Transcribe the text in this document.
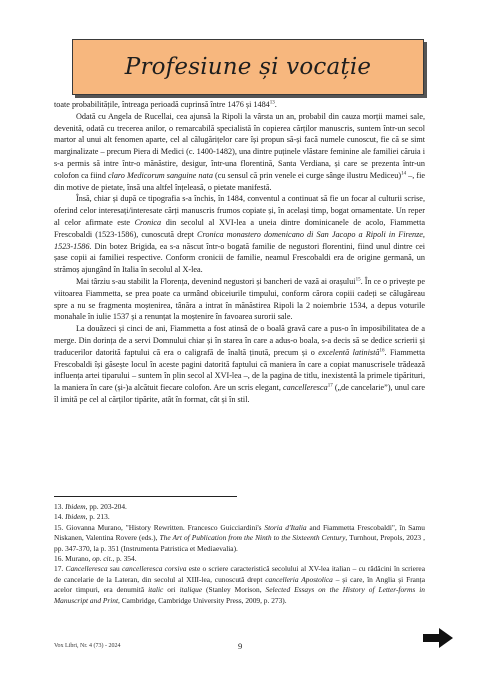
Profesiune și vocație

toate probabilitățile, întreaga perioadă cuprinsă între 1476 și 1484$^{13}$.

Odată cu Angela de Rucellai, cea ajunsă la Ripoli la vârsta un an, probabil din cauza morții mamei sale, devenită, odată cu trecerea anilor, o remarcabilă specialistă în copierea cărților manuscris, suntem într-un secol martor al unui alt fenomen aparte, cel al călugărițelor care își propun să-și facă numele cunoscut, fie că se simt marginalizate – precum Piera di Medici (c. 1400-1482), una dintre puținele vlăstare feminine ale familiei căruia i s-a permis să intre într-o mănăstire, desigur, într-una florentină, Santa Verdiana, și care se prezenta într-un colofon ca fiind claro Medicorum sanguine nata (cu sensul că prin venele ei curge sânge ilustru Mediceu)$^{14}$ –, fie din motive de pietate, însă una altfel înțeleasă, o pietate manifestă.

Însă, chiar și după ce tipografia s-a închis, în 1484, conventul a continuat să fie un focar al culturii scrise, oferind celor interesați/interesate cărți manuscris frumos copiate și, în același timp, bogat ornamentate. Un reper al celor afirmate este Cronica din secolul al XVI-lea a uneia dintre dominicanele de acolo, Fiammetta Frescobaldi (1523-1586), cunoscută drept Cronica monastero domenicano di San Jacopo a Ripoli in Firenze, 1523-1586. Din botez Brigida, ea s-a născut într-o bogată familie de negustori florentini, fiind unul dintre cei șase copii ai familiei respective. Conform cronicii de familie, neamul Frescobaldi era de origine germană, un strămoș ajungând în Italia în secolul al X-lea.

Mai târziu s-au stabilit la Florența, devenind negustori și bancheri de vază ai orașului$^{15}$. În ce o privește pe viitoarea Fiammetta, se prea poate ca urmând obiceiurile timpului, conform cărora copiii cadeți se călugăreau spre a nu se fragmenta moștenirea, tânăra a intrat în mănăstirea Ripoli la 2 noiembrie 1534, a depus voturile monahale în iulie 1537 și a renunțat la moștenire în favoarea surorii sale.

La douăzeci și cinci de ani, Fiammetta a fost atinsă de o boală gravă care a pus-o în imposibilitatea de a merge. Din dorința de a servi Domnului chiar și în starea în care a adus-o boala, s-a decis să se dedice scrierii și traducerilor datorită faptului că era o caligrafă de înaltă ținută, precum și o excelentă latinistă$^{16}$. Fiammetta Frescobaldi își găsește locul în aceste pagini datorită faptului că maniera în care a copiat manuscrisele trădează influența artei tiparului – suntem în plin secol al XVI-lea –, de la pagina de titlu, inexistentă la primele tipărituri, la maniera în care (și-)a alcătuit fiecare colofon. Are un scris elegant, cancelleresca$^{17}$ („de cancelarie”), unul care îl imită pe cel al cărților tipărite, atât în format, cât și în stil.

13. Ibidem, pp. 203-204.

14. Ibidem, p. 213.

15. Giovanna Murano, "History Rewritten. Francesco Guicciardini's Storia d'Italia and Fiammetta Frescobaldi", în Samu Niskanen, Valentina Rovere (eds.), The Art of Publication from the Ninth to the Sixteenth Century, Turnhout, Prepols, 2023 , pp. 347-370, la p. 351 (Instrumenta Patristica et Mediaevalia).

16. Murano, op. cit., p. 354.

17. Cancelleresca sau cancelleresca corsiva este o scriere caracteristică secolului al XV-lea italian – cu rădăcini în scrierea de cancelarie de la Lateran, din secolul al XIII-lea, cunoscută drept cancelleria Apostolica – și care, în Anglia și Franța acelor timpuri, era denumită italic ori italique (Stanley Morison, Selected Essays on the History of Letter-forms in Manuscript and Print, Cambridge, Cambridge University Press, 2009, p. 273).

Vox Libri, Nr. 4 (73) - 2024	9
